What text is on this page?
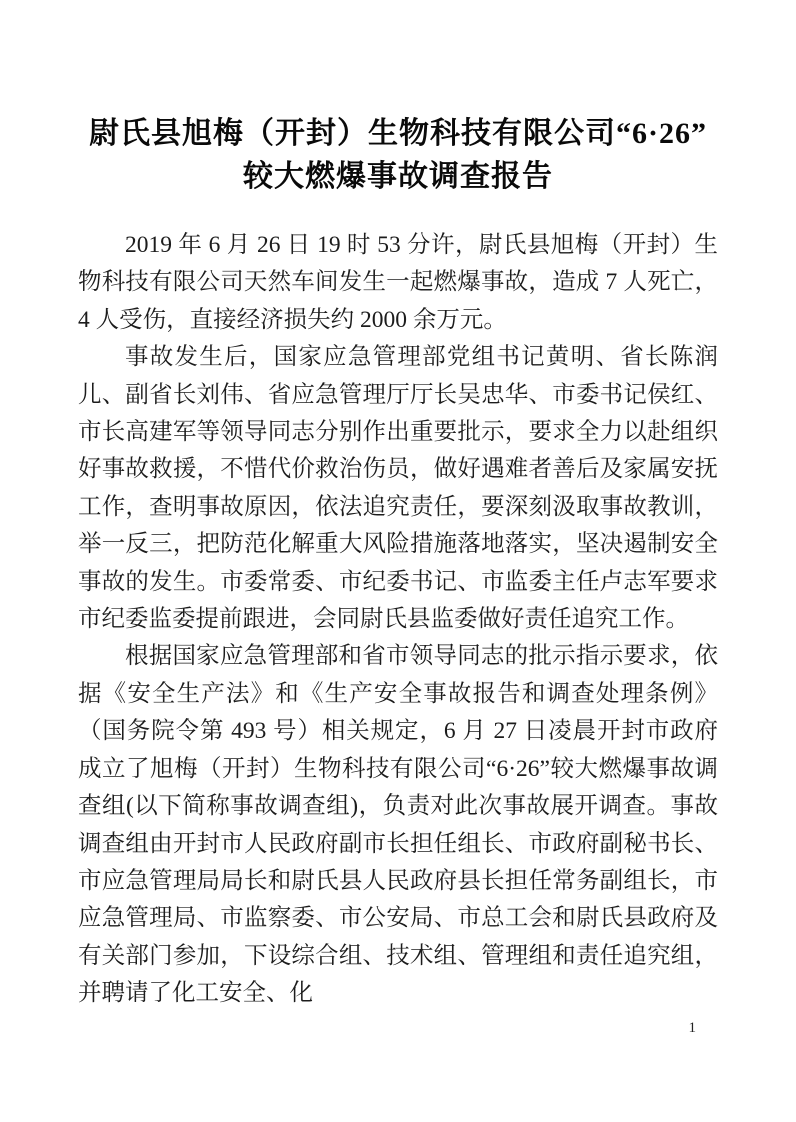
尉氏县旭梅（开封）生物科技有限公司“6·26”
较大燃爆事故调查报告

2019 年 6 月 26 日 19 时 53 分许，尉氏县旭梅（开封）生物科技有限公司天然车间发生一起燃爆事故，造成 7 人死亡，4 人受伤，直接经济损失约 2000 余万元。

事故发生后，国家应急管理部党组书记黄明、省长陈润儿、副省长刘伟、省应急管理厅厅长吴忠华、市委书记侯红、市长高建军等领导同志分别作出重要批示，要求全力以赴组织好事故救援，不惜代价救治伤员，做好遇难者善后及家属安抚工作，查明事故原因，依法追究责任，要深刻汲取事故教训，举一反三，把防范化解重大风险措施落地落实，坚决遏制安全事故的发生。市委常委、市纪委书记、市监委主任卢志军要求市纪委监委提前跟进，会同尉氏县监委做好责任追究工作。

根据国家应急管理部和省市领导同志的批示指示要求，依据《安全生产法》和《生产安全事故报告和调查处理条例》（国务院令第 493 号）相关规定，6 月 27 日凌晨开封市政府成立了旭梅（开封）生物科技有限公司“6·26”较大燃爆事故调查组(以下简称事故调查组)，负责对此次事故展开调查。事故调查组由开封市人民政府副市长担任组长、市政府副秘书长、市应急管理局局长和尉氏县人民政府县长担任常务副组长，市应急管理局、市监察委、市公安局、市总工会和尉氏县政府及有关部门参加，下设综合组、技术组、管理组和责任追究组，并聘请了化工安全、化

1
